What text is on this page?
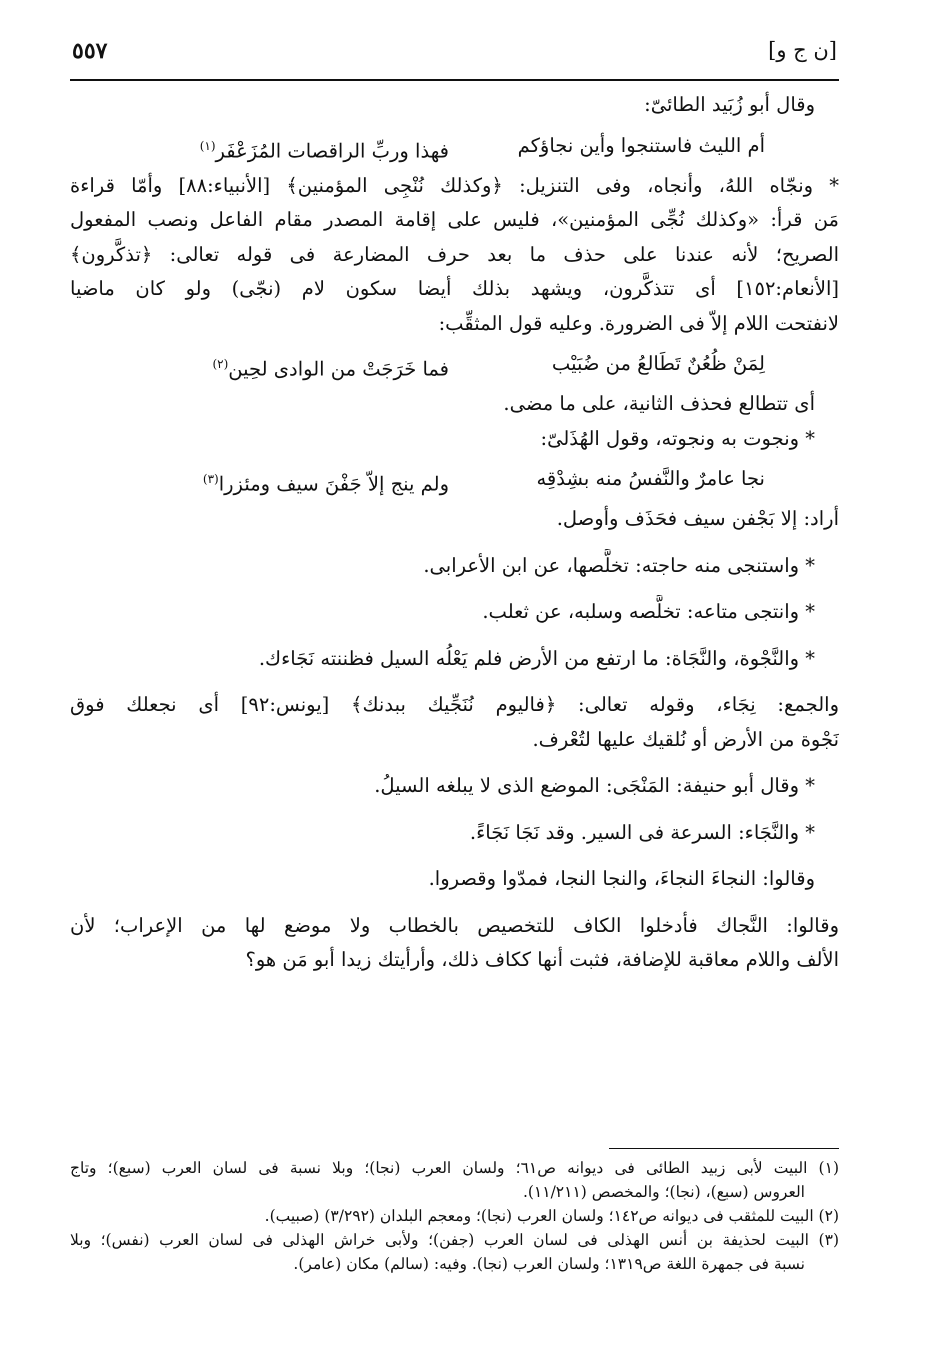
٥٥٧	[ن ج و]
وقال أبو زُبَيد الطائىّ:
أم الليث فاستنجوا وأين نجاؤكم
فهذا وربِّ الراقصات المُزَعْفَر$^{(١)}$
* ونجّاه اللهُ، وأنجاه، وفى التنزيل: ﴿وكذلك نُنْجِى المؤمنين﴾ [الأنبياء:٨٨] وأمّا قراءة
مَن قرأ: «وكذلك نُجِّى المؤمنين»، فليس على إقامة المصدر مقام الفاعل ونصب المفعول
الصريح؛ لأنه عندنا على حذف ما بعد حرف المضارعة فى قوله تعالى: ﴿تذكَّرون﴾
[الأنعام:١٥٢] أى تتذكَّرون، ويشهد بذلك أيضا سكون لام (نجّى) ولو كان ماضيا
لانفتحت اللام إلاّ فى الضرورة. وعليه قول المثقِّب:
لِمَنْ ظُعُنٌ تَطَالعُ من ضُبَيْب
فما خَرَجَتْ من الوادى لحِين$^{(٢)}$
أى تتطالع فحذف الثانية، على ما مضى.
* ونجوت به ونجوته، وقول الهُذَلىّ:
نجا عامرٌ والنَّفسُ منه بشِدْقِه
ولم ينج إلاّ جَفْنَ سيف ومئزرا$^{(٣)}$
أراد: إلا بَجْفن سيف فحَذَف وأوصل.
* واستنجى منه حاجته: تخلَّصها، عن ابن الأعرابى.
* وانتجى متاعه: تخلَّصه وسلبه، عن ثعلب.
* والنَّجْوة، والنَّجَاة: ما ارتفع من الأرض فلم يَعْلُه السيل فظننته نَجَاءك.
والجمع: نِجَاء، وقوله تعالى: ﴿فاليوم نُنَجِّيك ببدنك﴾ [يونس:٩٢] أى نجعلك فوق
نَجْوة من الأرض أو نُلقيك عليها لتُعْرف.
* وقال أبو حنيفة: المَنْجَى: الموضع الذى لا يبلغه السيلُ.
* والنَّجَاء: السرعة فى السير. وقد نَجَا نَجَاءً.
وقالوا: النجاءَ النجاءَ، والنجا النجا، فمدّوا وقصروا.
وقالوا: النَّجاك فأدخلوا الكاف للتخصيص بالخطاب ولا موضع لها من الإعراب؛ لأن
الألف واللام معاقبة للإضافة، فثبت أنها ككاف ذلك، وأرأيتك زيدا أبو مَن هو؟
(١) البيت لأبى زبيد الطائى فى ديوانه ص٦١؛ ولسان العرب (نجا)؛ وبلا نسبة فى لسان العرب (سبع)؛ وتاج
العروس (سبع)، (نجا)؛ والمخصص (١١/٢١١).
(٢) البيت للمثقب فى ديوانه ص١٤٢؛ ولسان العرب (نجا)؛ ومعجم البلدان (٣/٢٩٢) (صبيب).
(٣) البيت لحذيفة بن أنس الهذلى فى لسان العرب (جفن)؛ ولأبى خراش الهذلى فى لسان العرب (نفس)؛ وبلا
نسبة فى جمهرة اللغة ص١٣١٩؛ ولسان العرب (نجا). وفيه: (سالم) مكان (عامر).
